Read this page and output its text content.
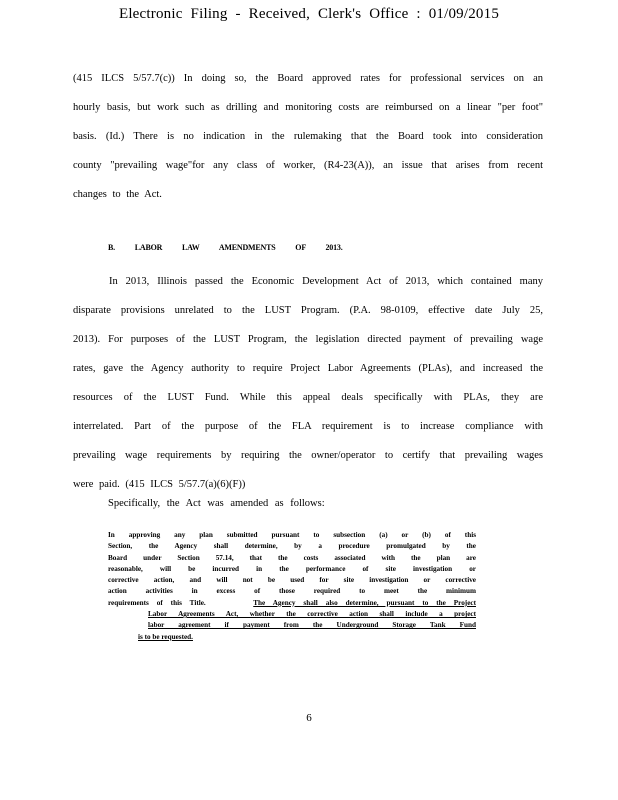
Electronic Filing - Received, Clerk's Office : 01/09/2015
(415 ILCS 5/57.7(c)) In doing so, the Board approved rates for professional services on an
hourly basis, but work such as drilling and monitoring costs are reimbursed on a linear "per foot"
basis. (Id.) There is no indication in the rulemaking that the Board took into consideration
county "prevailing wage"for any class of worker, (R4-23(A)), an issue that arises from recent
changes to the Act.
B. LABOR LAW AMENDMENTS OF 2013.
In 2013, Illinois passed the Economic Development Act of 2013, which contained many
disparate provisions unrelated to the LUST Program. (P.A. 98-0109, effective date July 25,
2013). For purposes of the LUST Program, the legislation directed payment of prevailing wage
rates, gave the Agency authority to require Project Labor Agreements (PLAs), and increased the
resources of the LUST Fund. While this appeal deals specifically with PLAs, they are
interrelated. Part of the purpose of the FLA requirement is to increase compliance with
prevailing wage requirements by requiring the owner/operator to certify that prevailing wages
were paid. (415 ILCS 5/57.7(a)(6)(F))
Specifically, the Act was amended as follows:
In approving any plan submitted pursuant to subsection (a) or (b) of this
Section, the Agency shall determine, by a procedure promulgated by the
Board under Section 57.14, that the costs associated with the plan are
reasonable, will be incurred in the performance of site investigation or
corrective action, and will not be used for site investigation or corrective
action activities in excess of those required to meet the minimum
requirements of this Title.	The Agency shall also determine, pursuant to the Project
Labor Agreements Act, whether the corrective action shall include a project
labor agreement if payment from the Underground Storage Tank Fund
is to be requested.
6
